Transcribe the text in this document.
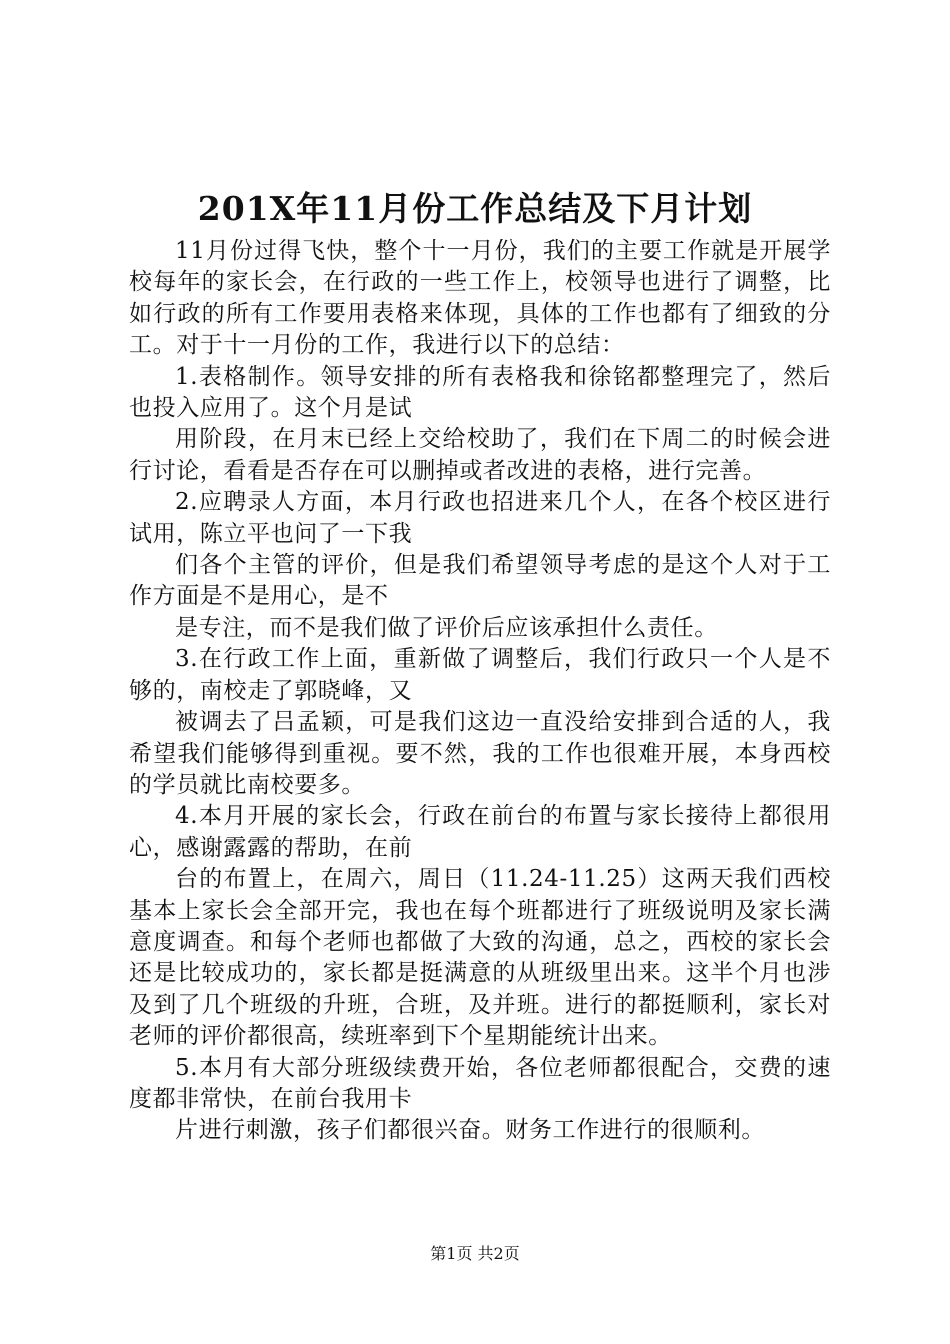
201X年11月份工作总结及下月计划

11月份过得飞快，整个十一月份，我们的主要工作就是开展学校每年的家长会，在行政的一些工作上，校领导也进行了调整，比如行政的所有工作要用表格来体现，具体的工作也都有了细致的分工。对于十一月份的工作，我进行以下的总结：

1.表格制作。领导安排的所有表格我和徐铭都整理完了，然后也投入应用了。这个月是试

用阶段，在月末已经上交给校助了，我们在下周二的时候会进行讨论，看看是否存在可以删掉或者改进的表格，进行完善。

2.应聘录人方面，本月行政也招进来几个人，在各个校区进行试用，陈立平也问了一下我

们各个主管的评价，但是我们希望领导考虑的是这个人对于工作方面是不是用心，是不

是专注，而不是我们做了评价后应该承担什么责任。

3.在行政工作上面，重新做了调整后，我们行政只一个人是不够的，南校走了郭晓峰，又

被调去了吕孟颖，可是我们这边一直没给安排到合适的人，我希望我们能够得到重视。要不然，我的工作也很难开展，本身西校的学员就比南校要多。

4.本月开展的家长会，行政在前台的布置与家长接待上都很用心，感谢露露的帮助，在前

台的布置上，在周六，周日（11.24-11.25）这两天我们西校基本上家长会全部开完，我也在每个班都进行了班级说明及家长满意度调查。和每个老师也都做了大致的沟通，总之，西校的家长会还是比较成功的，家长都是挺满意的从班级里出来。这半个月也涉及到了几个班级的升班，合班，及并班。进行的都挺顺利，家长对老师的评价都很高，续班率到下个星期能统计出来。

5.本月有大部分班级续费开始，各位老师都很配合，交费的速度都非常快，在前台我用卡

片进行刺激，孩子们都很兴奋。财务工作进行的很顺利。

第1页 共2页
